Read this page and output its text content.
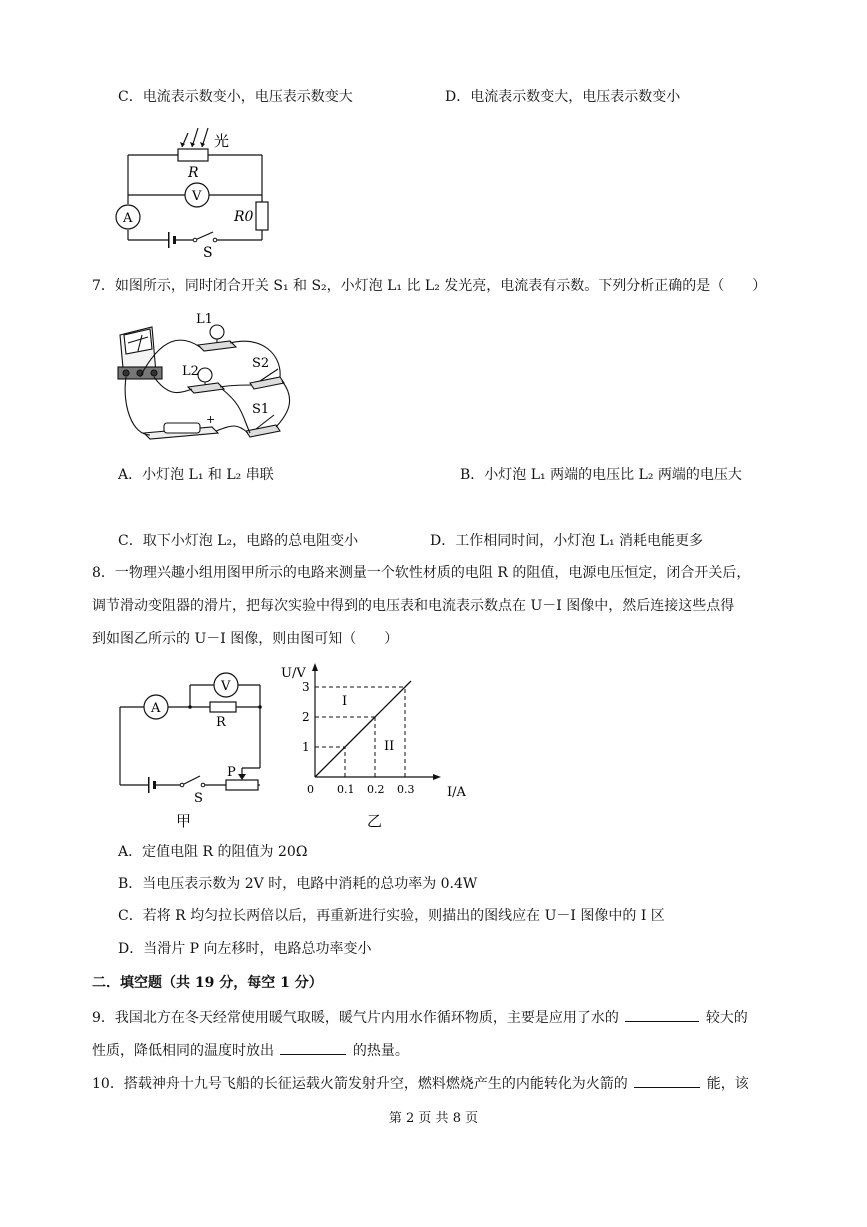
C．电流表示数变小，电压表示数变大	D．电流表示数变大，电压表示数变小
光
R
V
A	R0
S
7．如图所示，同时闭合开关 S₁ 和 S₂，小灯泡 L₁ 比 L₂ 发光亮，电流表有示数。下列分析正确的是（　　）
L1
L2
S2
S1
+
A．小灯泡 L₁ 和 L₂ 串联	B．小灯泡 L₁ 两端的电压比 L₂ 两端的电压大
C．取下小灯泡 L₂，电路的总电阻变小	D．工作相同时间，小灯泡 L₁ 消耗电能更多
8．一物理兴趣小组用图甲所示的电路来测量一个软性材质的电阻 R 的阻值，电源电压恒定，闭合开关后，
调节滑动变阻器的滑片，把每次实验中得到的电压表和电流表示数点在 U－I 图像中，然后连接这些点得
到如图乙所示的 U－I 图像，则由图可知（　　）
A
V
R
P
S
甲
0.1
1
0.2
2
0.3
3
0	I/A
U/V
I
II
乙
A．定值电阻 R 的阻值为 20Ω
B．当电压表示数为 2V 时，电路中消耗的总功率为 0.4W
C．若将 R 均匀拉长两倍以后，再重新进行实验，则描出的图线应在 U－I 图像中的 I 区
D．当滑片 P 向左移时，电路总功率变小
二．填空题（共 19 分，每空 1 分）
9．我国北方在冬天经常使用暖气取暖，暖气片内用水作循环物质，主要是应用了水的	较大的
性质，降低相同的温度时放出	的热量。
10．搭载神舟十九号飞船的长征运载火箭发射升空，燃料燃烧产生的内能转化为火箭的	能，该
第 2 页 共 8 页
